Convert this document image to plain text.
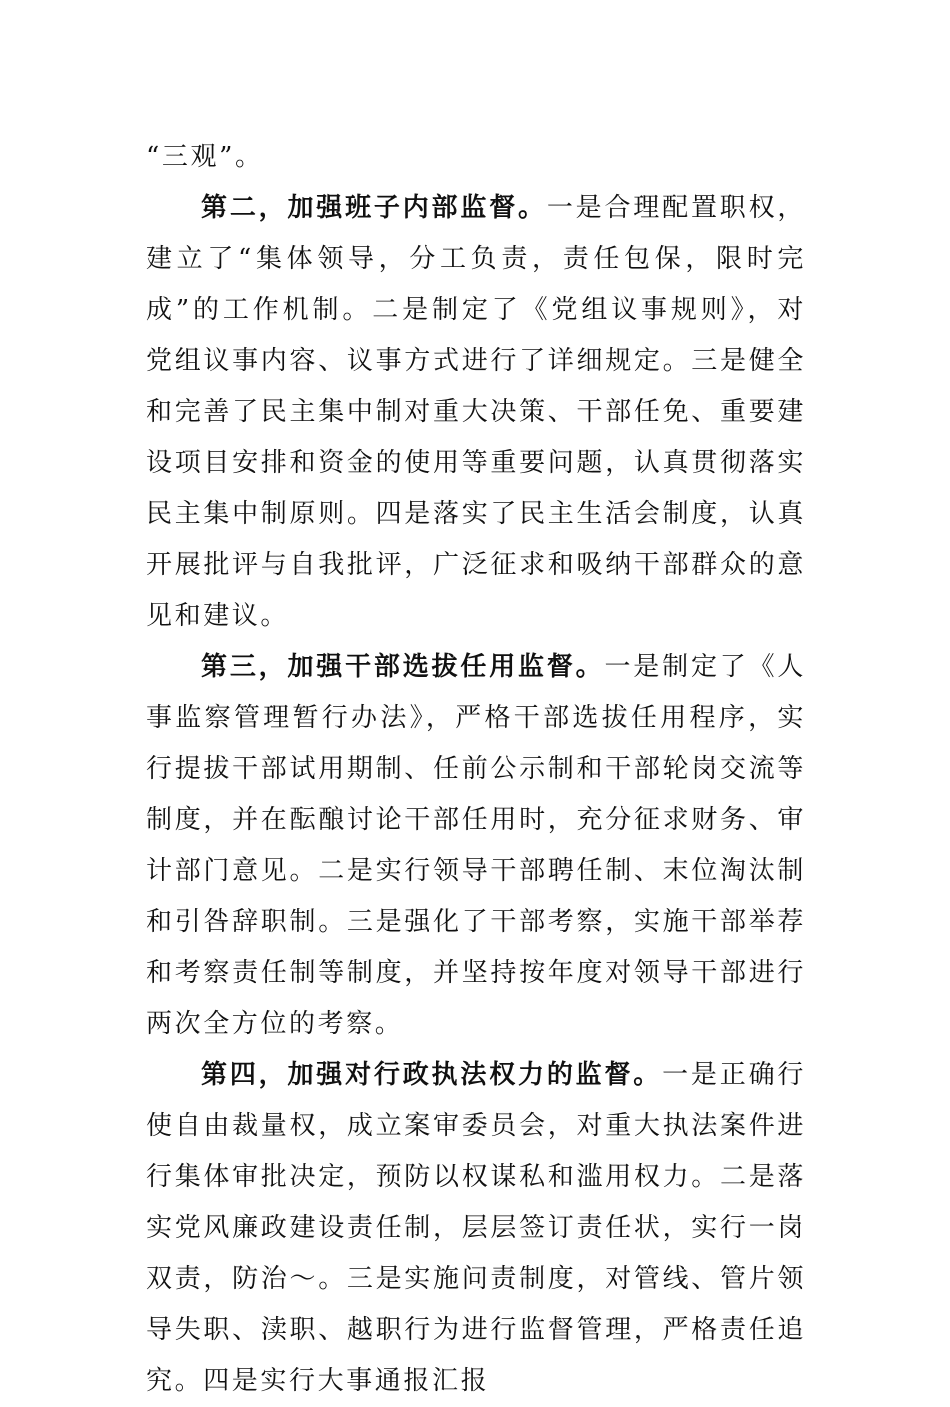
“三观”。

第二，加强班子内部监督。一是合理配置职权，建立了“集体领导，分工负责，责任包保，限时完成”的工作机制。二是制定了《党组议事规则》，对党组议事内容、议事方式进行了详细规定。三是健全和完善了民主集中制对重大决策、干部任免、重要建设项目安排和资金的使用等重要问题，认真贯彻落实民主集中制原则。四是落实了民主生活会制度，认真开展批评与自我批评，广泛征求和吸纳干部群众的意见和建议。

第三，加强干部选拔任用监督。一是制定了《人事监察管理暂行办法》，严格干部选拔任用程序，实行提拔干部试用期制、任前公示制和干部轮岗交流等制度，并在酝酿讨论干部任用时，充分征求财务、审计部门意见。二是实行领导干部聘任制、末位淘汰制和引咎辞职制。三是强化了干部考察，实施干部举荐和考察责任制等制度，并坚持按年度对领导干部进行两次全方位的考察。

第四，加强对行政执法权力的监督。一是正确行使自由裁量权，成立案审委员会，对重大执法案件进行集体审批决定，预防以权谋私和滥用权力。二是落实党风廉政建设责任制，层层签订责任状，实行一岗双责，防治～。三是实施问责制度，对管线、管片领导失职、渎职、越职行为进行监督管理，严格责任追究。四是实行大事通报汇报
